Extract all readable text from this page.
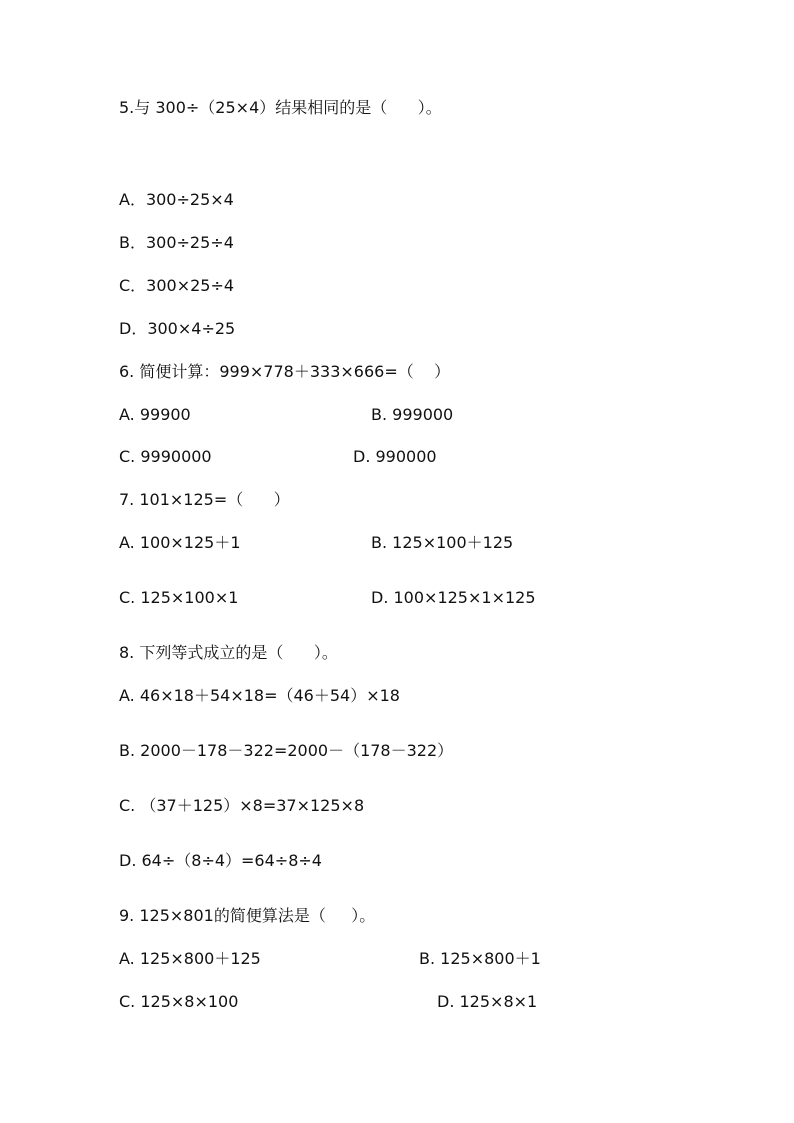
5.与 300÷（25×4）结果相同的是（      ）。
A．300÷25×4
B．300÷25÷4
C．300×25÷4
D．300×4÷25
6. 简便计算：999×778＋333×666=（    ）
A. 99900	B. 999000
C. 9990000	D. 990000
7. 101×125=（      ）
A. 100×125＋1	B. 125×100＋125
C. 125×100×1	D. 100×125×1×125
8. 下列等式成立的是（      ）。
A. 46×18＋54×18=（46＋54）×18
B. 2000－178－322=2000－（178－322）
C. （37＋125）×8=37×125×8
D. 64÷（8÷4）=64÷8÷4
9. 125×801的简便算法是（     ）。
A. 125×800＋125	B. 125×800＋1
C. 125×8×100	D. 125×8×1
